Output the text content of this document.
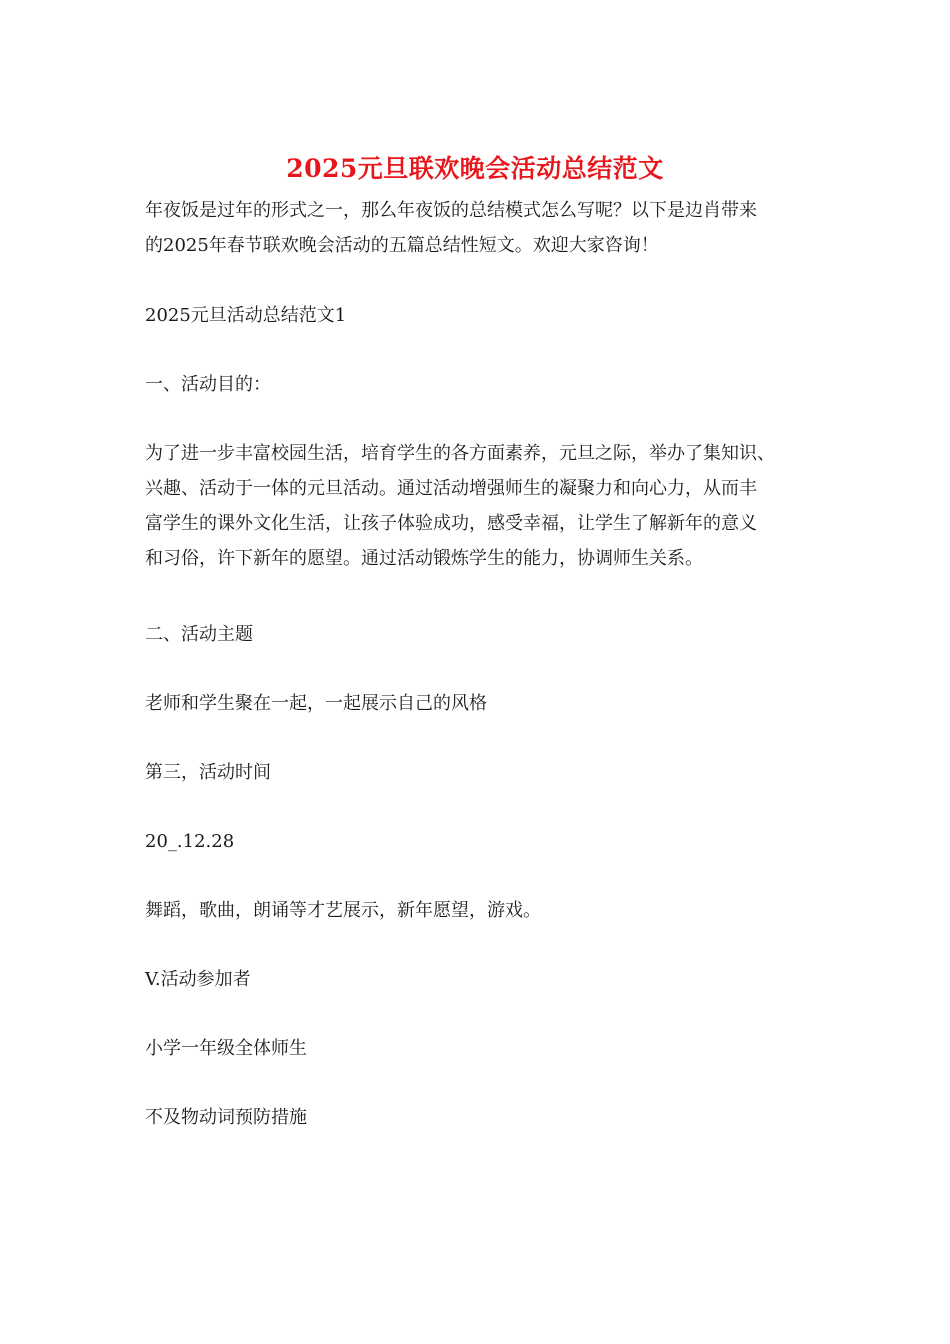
2025元旦联欢晚会活动总结范文
年夜饭是过年的形式之一，那么年夜饭的总结模式怎么写呢？以下是边肖带来
的2025年春节联欢晚会活动的五篇总结性短文。欢迎大家咨询！
2025元旦活动总结范文1
一、活动目的：
为了进一步丰富校园生活，培育学生的各方面素养，元旦之际，举办了集知识、
兴趣、活动于一体的元旦活动。通过活动增强师生的凝聚力和向心力，从而丰
富学生的课外文化生活，让孩子体验成功，感受幸福，让学生了解新年的意义
和习俗，许下新年的愿望。通过活动锻炼学生的能力，协调师生关系。
二、活动主题
老师和学生聚在一起，一起展示自己的风格
第三，活动时间
20_.12.28
舞蹈，歌曲，朗诵等才艺展示，新年愿望，游戏。
V.活动参加者
小学一年级全体师生
不及物动词预防措施
